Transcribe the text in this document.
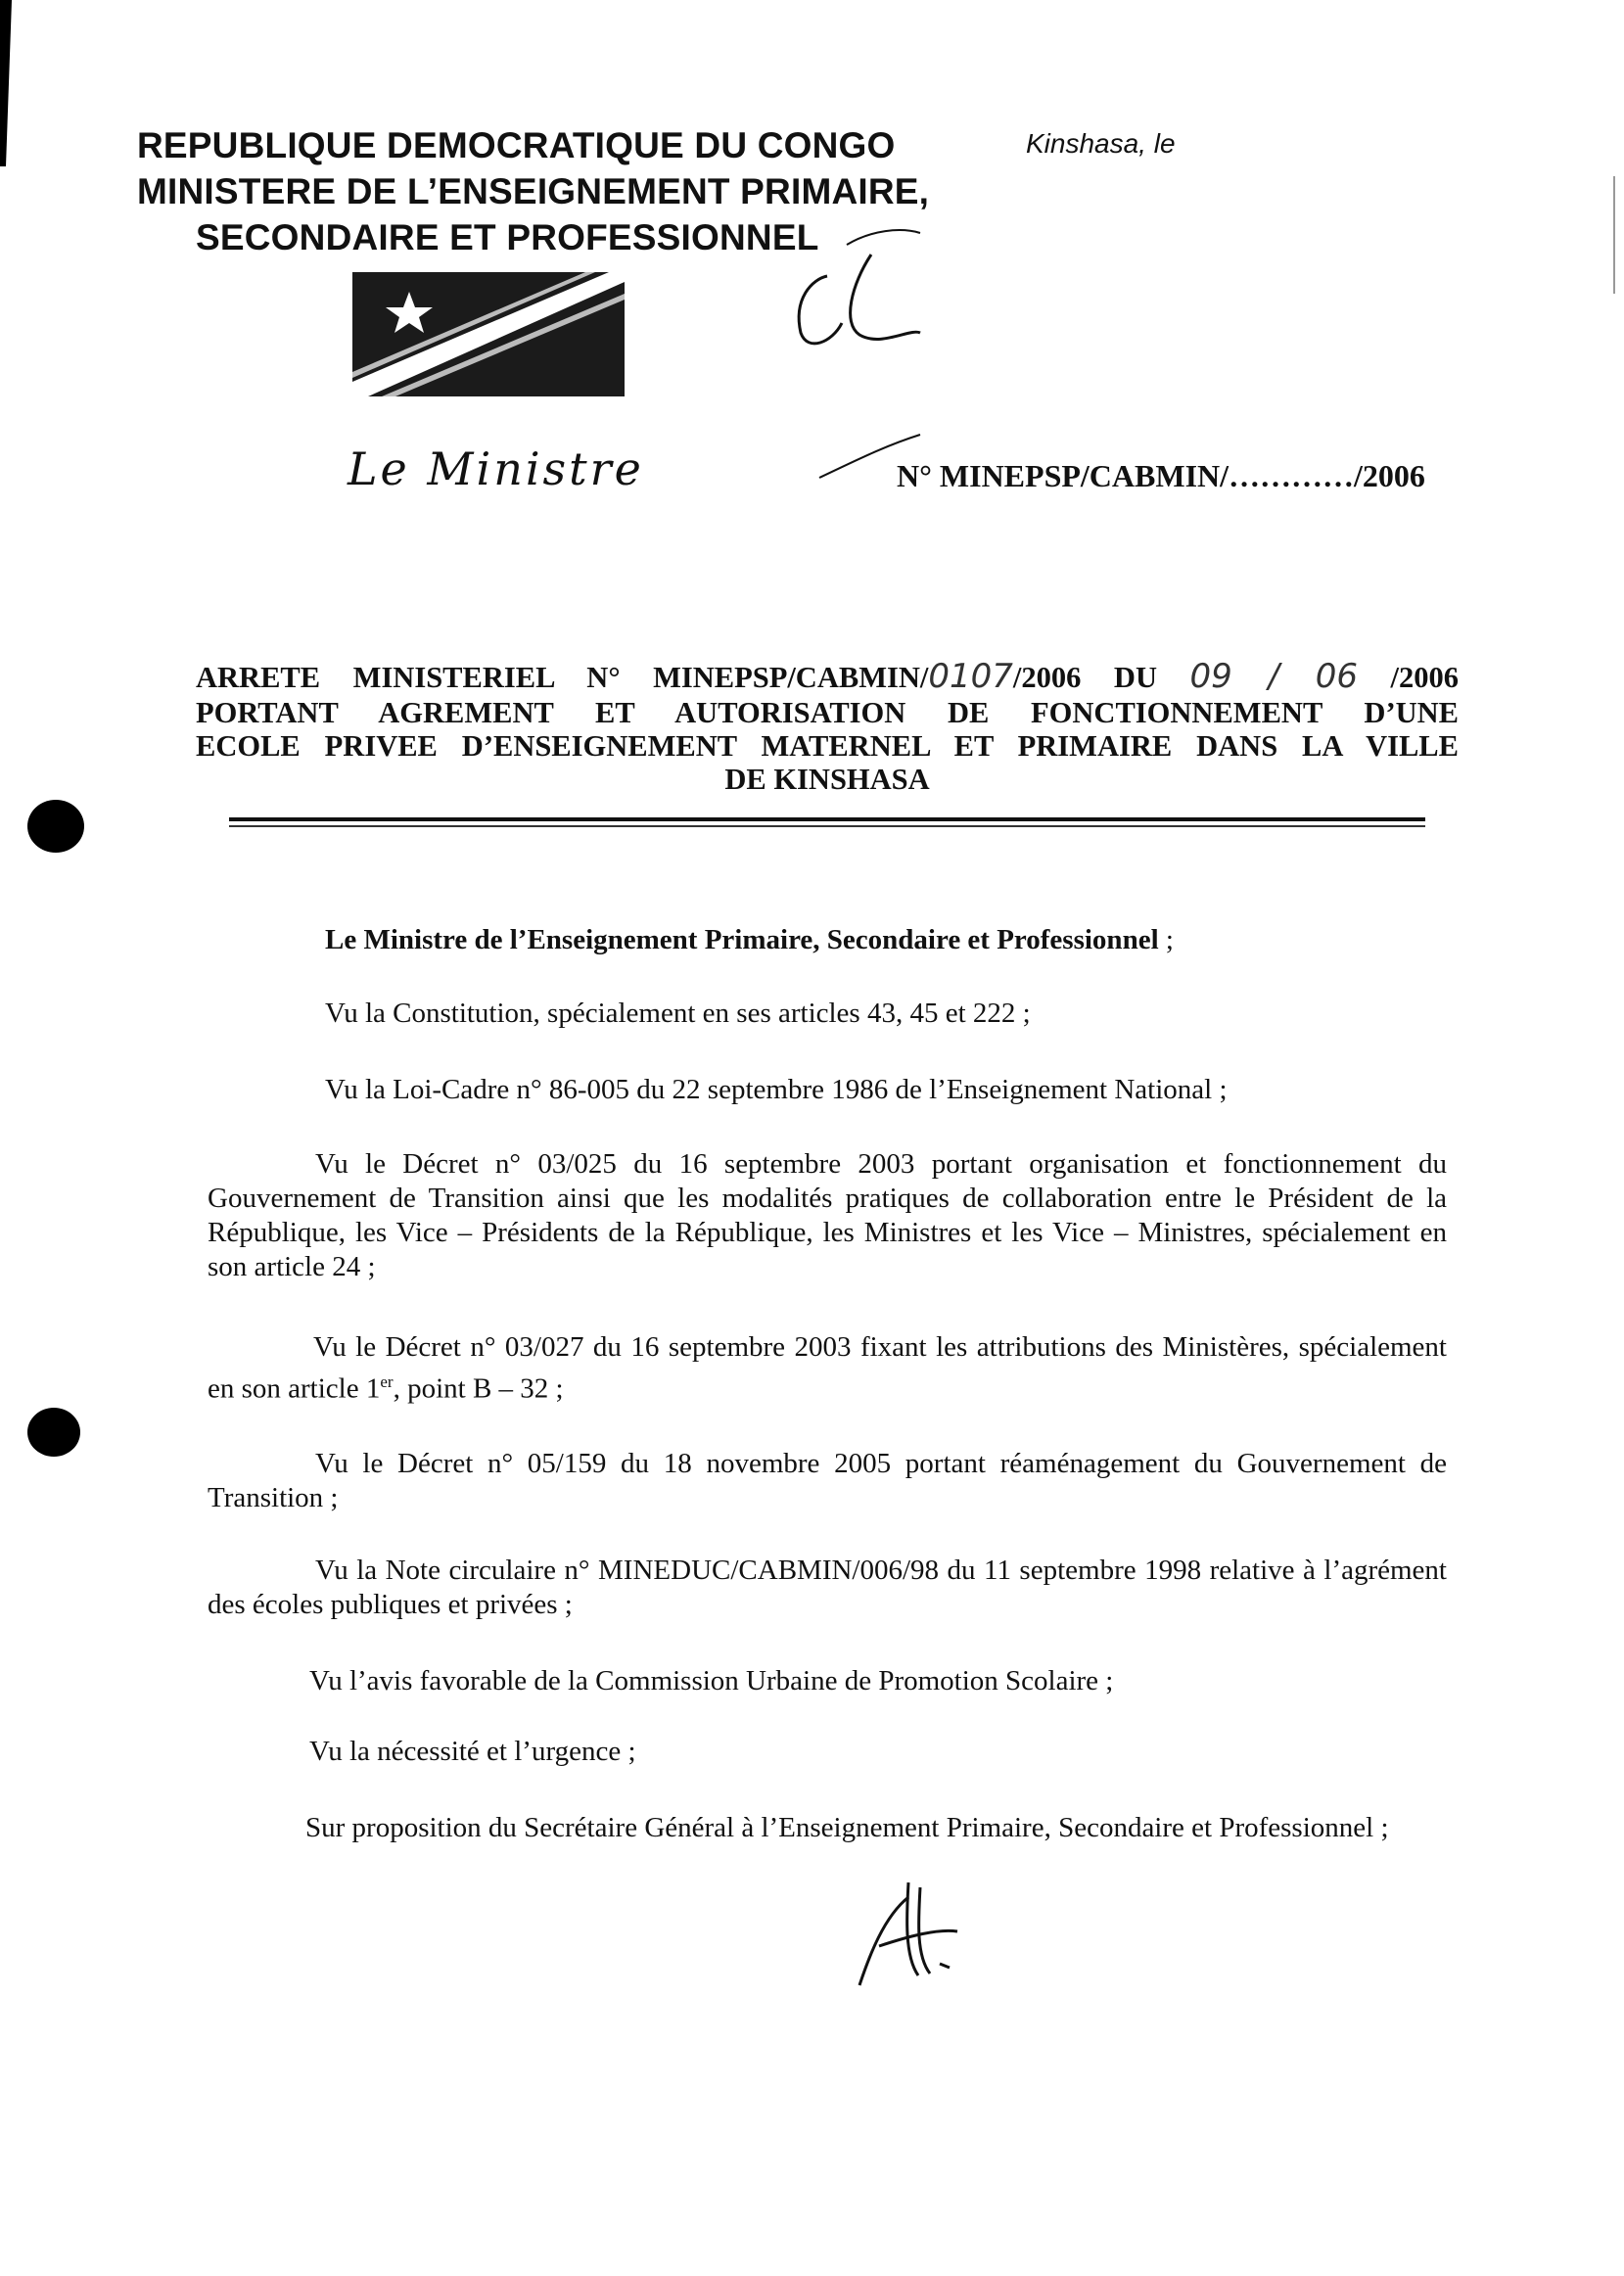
REPUBLIQUE DEMOCRATIQUE DU CONGO
MINISTERE DE L’ENSEIGNEMENT PRIMAIRE,
SECONDAIRE ET PROFESSIONNEL
Kinshasa, le
Le Ministre	N° MINEPSP/CABMIN/…………/2006
ARRETE MINISTERIEL N° MINEPSP/CABMIN/0107/2006 DU 09 / 06 /2006
PORTANT AGREMENT ET AUTORISATION DE FONCTIONNEMENT D’UNE
ECOLE PRIVEE D’ENSEIGNEMENT MATERNEL ET PRIMAIRE DANS LA VILLE
DE KINSHASA
Le Ministre de l’Enseignement Primaire, Secondaire et Professionnel ;
Vu la Constitution, spécialement en ses articles 43, 45 et 222 ;
Vu la Loi-Cadre n° 86-005 du 22 septembre 1986 de l’Enseignement National ;
Vu le Décret n° 03/025 du 16 septembre 2003 portant organisation et fonctionnement du Gouvernement de Transition ainsi que les modalités pratiques de collaboration entre le Président de la République, les Vice – Présidents de la République, les Ministres et les Vice – Ministres, spécialement en son article 24 ;
Vu le Décret n° 03/027 du 16 septembre 2003 fixant les attributions des Ministères, spécialement en son article 1er, point B – 32 ;
Vu le Décret n° 05/159 du 18 novembre 2005 portant réaménagement du Gouvernement de Transition ;
Vu la Note circulaire n° MINEDUC/CABMIN/006/98 du 11 septembre 1998 relative à l’agrément des écoles publiques et privées ;
Vu l’avis favorable de la Commission Urbaine de Promotion Scolaire ;
Vu la nécessité et l’urgence ;
Sur proposition du Secrétaire Général à l’Enseignement Primaire, Secondaire et Professionnel ;
